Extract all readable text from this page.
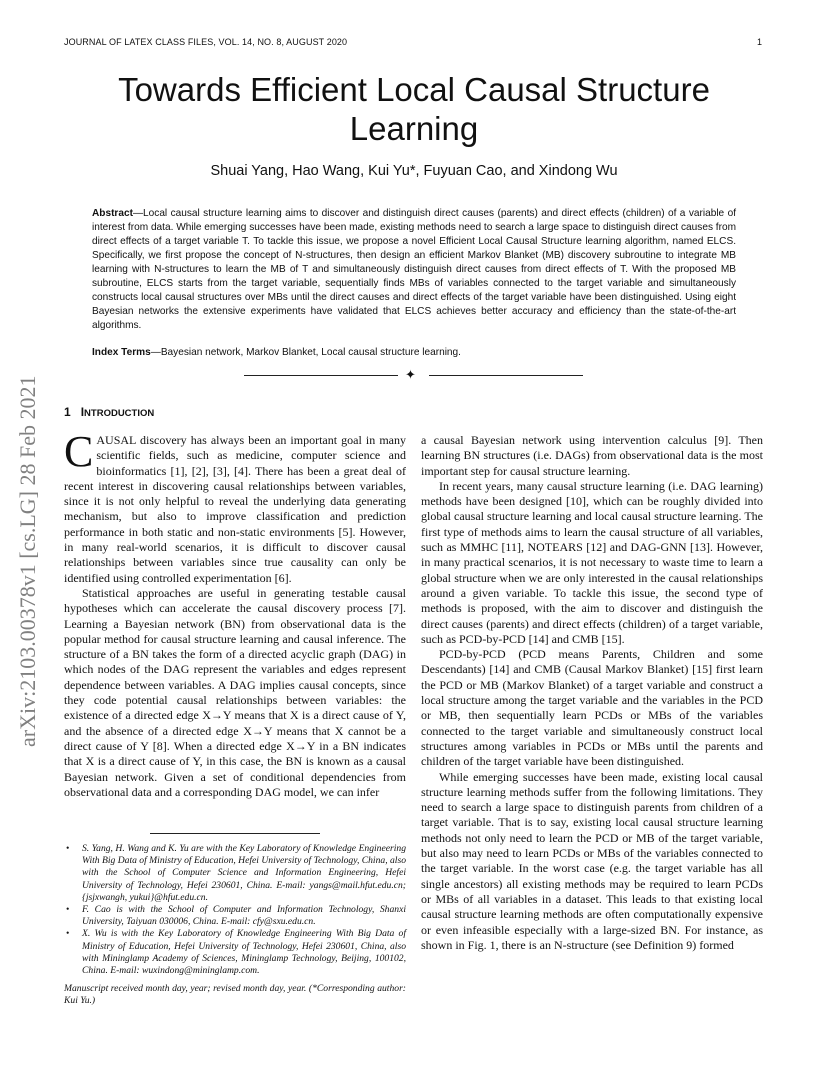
JOURNAL OF LATEX CLASS FILES, VOL. 14, NO. 8, AUGUST 2020	1
arXiv:2103.00378v1 [cs.LG] 28 Feb 2021
Towards Efficient Local Causal Structure Learning
Shuai Yang, Hao Wang, Kui Yu*, Fuyuan Cao, and Xindong Wu

Abstract—Local causal structure learning aims to discover and distinguish direct causes (parents) and direct effects (children) of a variable of interest from data. While emerging successes have been made, existing methods need to search a large space to distinguish direct causes from direct effects of a target variable T. To tackle this issue, we propose a novel Efficient Local Causal Structure learning algorithm, named ELCS. Specifically, we first propose the concept of N-structures, then design an efficient Markov Blanket (MB) discovery subroutine to integrate MB learning with N-structures to learn the MB of T and simultaneously distinguish direct causes from direct effects of T. With the proposed MB subroutine, ELCS starts from the target variable, sequentially finds MBs of variables connected to the target variable and simultaneously constructs local causal structures over MBs until the direct causes and direct effects of the target variable have been distinguished. Using eight Bayesian networks the extensive experiments have validated that ELCS achieves better accuracy and efficiency than the state-of-the-art algorithms.

Index Terms—Bayesian network, Markov Blanket, Local causal structure learning.

✦
1 INTRODUCTION

CAUSAL discovery has always been an important goal in many scientific fields, such as medicine, computer science and bioinformatics [1], [2], [3], [4]. There has been a great deal of recent interest in discovering causal relationships between variables, since it is not only helpful to reveal the underlying data generating mechanism, but also to improve classification and prediction performance in both static and non-static environments [5]. However, in many real-world scenarios, it is difficult to discover causal relationships between variables since true causality can only be identified using controlled experimentation [6].

Statistical approaches are useful in generating testable causal hypotheses which can accelerate the causal discovery process [7]. Learning a Bayesian network (BN) from observational data is the popular method for causal structure learning and causal inference. The structure of a BN takes the form of a directed acyclic graph (DAG) in which nodes of the DAG represent the variables and edges represent dependence between variables. A DAG implies causal concepts, since they code potential causal relationships between variables: the existence of a directed edge X→Y means that X is a direct cause of Y, and the absence of a directed edge X→Y means that X cannot be a direct cause of Y [8]. When a directed edge X→Y in a BN indicates that X is a direct cause of Y, in this case, the BN is known as a causal Bayesian network. Given a set of conditional dependencies from observational data and a corresponding DAG model, we can infer

a causal Bayesian network using intervention calculus [9]. Then learning BN structures (i.e. DAGs) from observational data is the most important step for causal structure learning.

In recent years, many causal structure learning (i.e. DAG learning) methods have been designed [10], which can be roughly divided into global causal structure learning and local causal structure learning. The first type of methods aims to learn the causal structure of all variables, such as MMHC [11], NOTEARS [12] and DAG-GNN [13]. However, in many practical scenarios, it is not necessary to waste time to learn a global structure when we are only interested in the causal relationships around a given variable. To tackle this issue, the second type of methods is proposed, with the aim to discover and distinguish the direct causes (parents) and direct effects (children) of a target variable, such as PCD-by-PCD [14] and CMB [15].

PCD-by-PCD (PCD means Parents, Children and some Descendants) [14] and CMB (Causal Markov Blanket) [15] first learn the PCD or MB (Markov Blanket) of a target variable and construct a local structure among the target variable and the variables in the PCD or MB, then sequentially learn PCDs or MBs of the variables connected to the target variable and simultaneously construct local structures among variables in PCDs or MBs until the parents and children of the target variable have been distinguished.

While emerging successes have been made, existing local causal structure learning methods suffer from the following limitations. They need to search a large space to distinguish parents from children of a target variable. That is to say, existing local causal structure learning methods not only need to learn the PCD or MB of the target variable, but also may need to learn PCDs or MBs of the variables connected to the target variable. In the worst case (e.g. the target variable has all single ancestors) all existing methods may be required to learn PCDs or MBs of all variables in a dataset. This leads to that existing local causal structure learning methods are often computationally expensive or even infeasible especially with a large-sized BN. For instance, as shown in Fig. 1, there is an N-structure (see Definition 9) formed

• S. Yang, H. Wang and K. Yu are with the Key Laboratory of Knowledge Engineering With Big Data of Ministry of Education, Hefei University of Technology, China, also with the School of Computer Science and Information Engineering, Hefei University of Technology, Hefei 230601, China. E-mail: yangs@mail.hfut.edu.cn; {jsjxwangh, yukui}@hfut.edu.cn.
• F. Cao is with the School of Computer and Information Technology, Shanxi University, Taiyuan 030006, China. E-mail: cfy@sxu.edu.cn.
• X. Wu is with the Key Laboratory of Knowledge Engineering With Big Data of Ministry of Education, Hefei University of Technology, Hefei 230601, China, also with Mininglamp Academy of Sciences, Mininglamp Technology, Beijing, 100102, China. E-mail: wuxindong@mininglamp.com.

Manuscript received month day, year; revised month day, year. (*Corresponding author: Kui Yu.)
